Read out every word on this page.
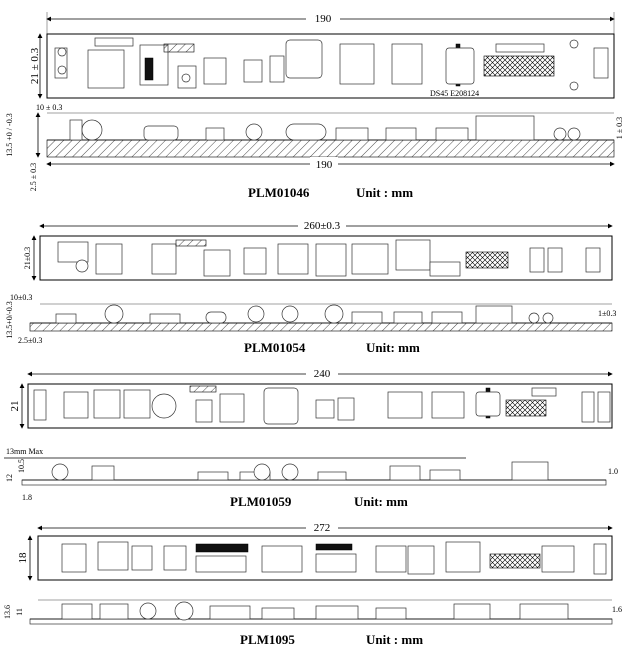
190
21 ± 0.3
DS45 E208124
13.5 +0 / -0.3
10 ± 0.3
2.5 ± 0.3
1 ± 0.3
190
PLM01046	Unit : mm
260±0.3
21±0.3
10±0.3
13.5+0/-0.3
2.5±0.3
1±0.3
PLM01054	Unit: mm
240
21
13mm Max
12
10.5
1.8
1.0
PLM01059	Unit: mm
272
18
13.6 11	1.6
PLM1095	Unit : mm
